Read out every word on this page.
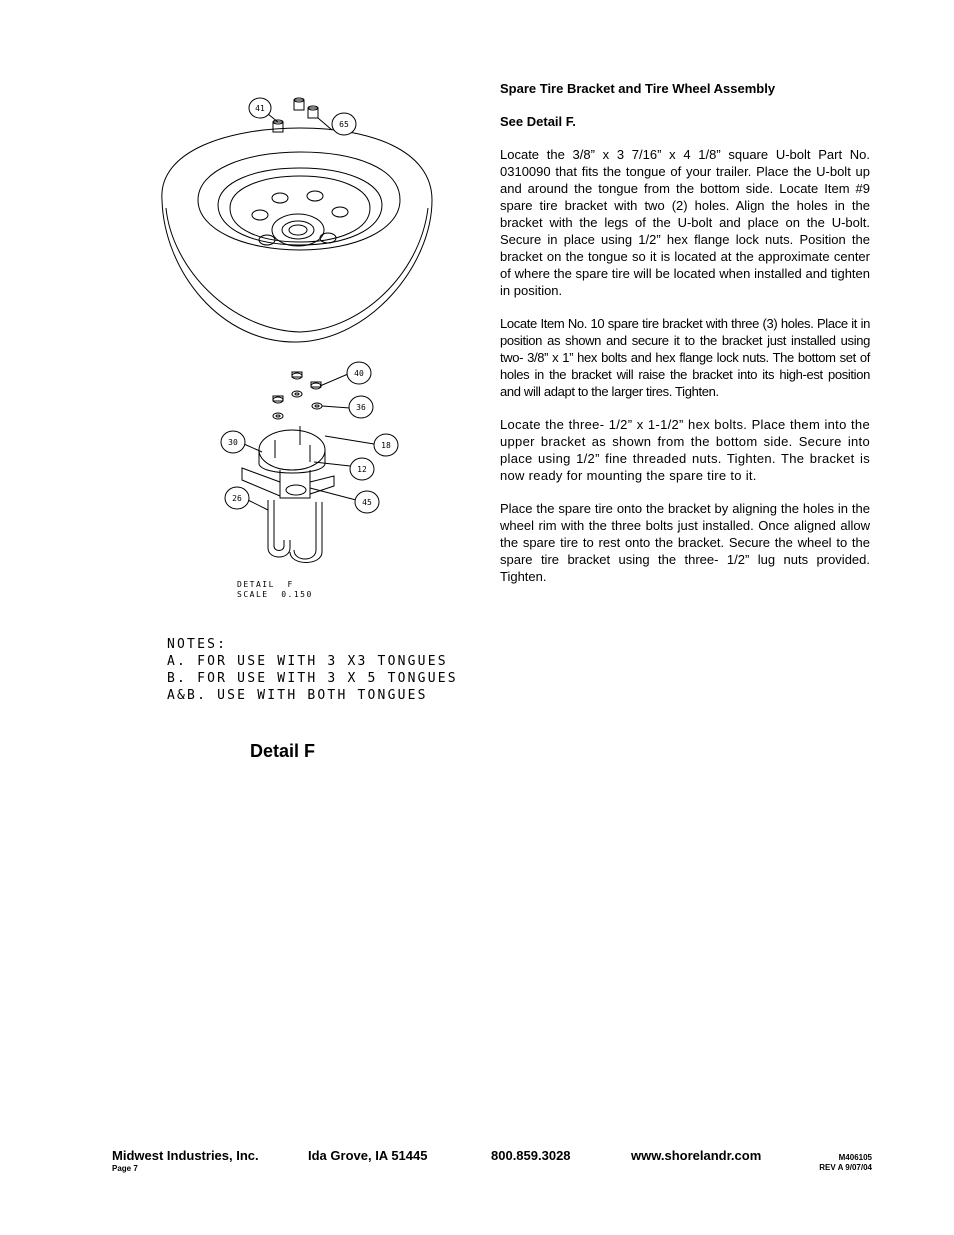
Spare Tire Bracket and Tire Wheel Assembly
See Detail F.

Locate the 3/8” x 3 7/16” x 4 1/8” square U-bolt Part No. 0310090 that fits the tongue of your trailer. Place the U-bolt up and around the tongue from the bottom side. Locate Item #9 spare tire bracket with two (2) holes. Align the holes in the bracket with the legs of the U-bolt and place on the U-bolt. Secure in place using 1/2” hex flange lock nuts. Position the bracket on the tongue so it is located at the approximate center of where the spare tire will be located when installed and tighten in position.

Locate Item No. 10 spare tire bracket with three (3) holes. Place it in position as shown and secure it to the bracket just installed using two- 3/8” x 1” hex bolts and hex flange lock nuts. The bottom set of holes in the bracket will raise the bracket into its high-est position and will adapt to the larger tires. Tighten.

Locate the three- 1/2” x 1-1/2” hex bolts. Place them into the upper bracket as shown from the bottom side. Secure into place using 1/2” fine threaded nuts. Tighten. The bracket is now ready for mounting the spare tire to it.

Place the spare tire onto the bracket by aligning the holes in the wheel rim with the three bolts just installed. Once aligned allow the spare tire to rest onto the bracket. Secure the wheel to the spare tire bracket using the three- 1/2” lug nuts provided. Tighten.

41
65
40
36
30	18
12
26	45
DETAIL  F
SCALE  0.150
NOTES:
A. FOR USE WITH 3 X3 TONGUES
B. FOR USE WITH 3 X 5 TONGUES
A&B. USE WITH BOTH TONGUES
Detail F
Midwest Industries, Inc.	Ida Grove, IA 51445	800.859.3028	www.shorelandr.com
Page 7
M406105
REV A 9/07/04
